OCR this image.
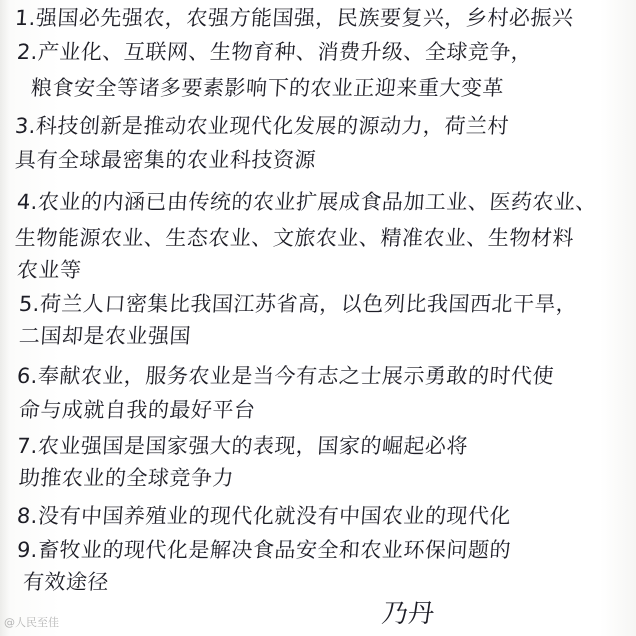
1.强国必先强农，农强方能国强，民族要复兴，乡村必振兴
2.产业化、互联网、生物育种、消费升级、全球竞争，
粮食安全等诸多要素影响下的农业正迎来重大变革
3.科技创新是推动农业现代化发展的源动力，荷兰村
具有全球最密集的农业科技资源
4.农业的内涵已由传统的农业扩展成食品加工业、医药农业、
生物能源农业、生态农业、文旅农业、精准农业、生物材料
农业等
5.荷兰人口密集比我国江苏省高，以色列比我国西北干旱，
二国却是农业强国
6.奉献农业，服务农业是当今有志之士展示勇敢的时代使
命与成就自我的最好平台
7.农业强国是国家强大的表现，国家的崛起必将
助推农业的全球竞争力
8.没有中国养殖业的现代化就没有中国农业的现代化
9.畜牧业的现代化是解决食品安全和农业环保问题的
有效途径
乃丹
@人民至佳
